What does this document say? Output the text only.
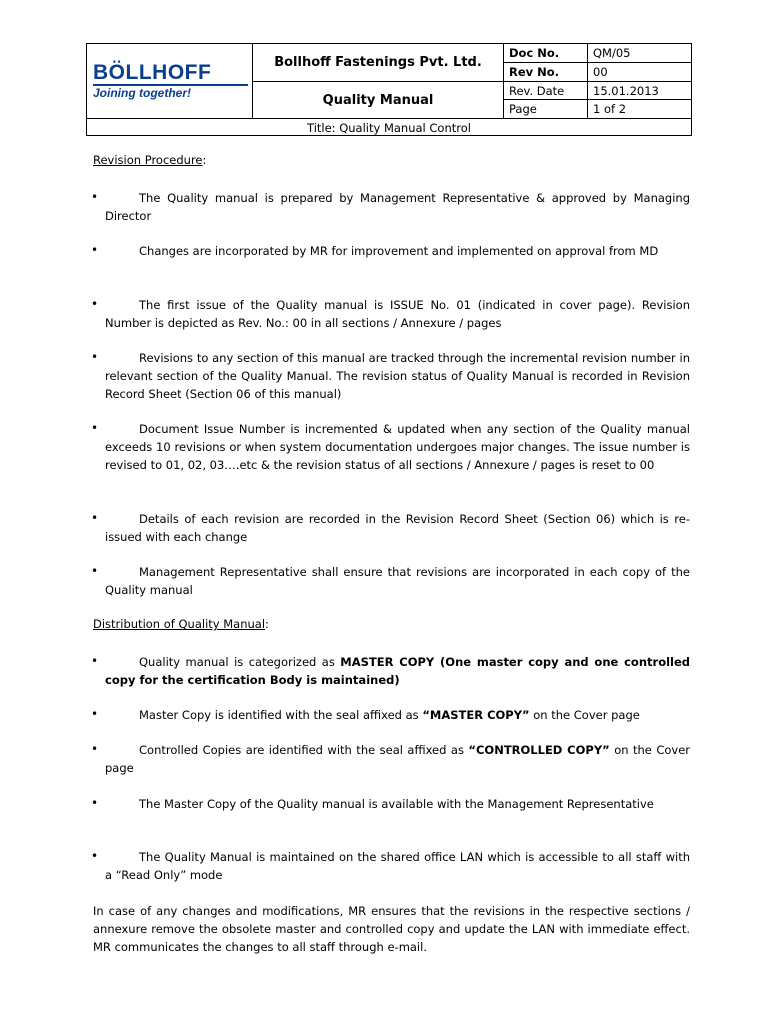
BÖLLHOFF
Joining together!
Bollhoff Fastenings Pvt. Ltd.
Quality Manual
Doc No.	QM/05
Rev No.	00
Rev. Date	15.01.2013
Page	1 of 2
Title: Quality Manual Control
Revision Procedure:
•	The Quality manual is prepared by Management Representative & approved by Managing Director
•	Changes are incorporated by MR for improvement and implemented on approval from MD
•	The first issue of the Quality manual is ISSUE No. 01 (indicated in cover page). Revision Number is depicted as Rev. No.: 00 in all sections / Annexure / pages
•	Revisions to any section of this manual are tracked through the incremental revision number in relevant section of the Quality Manual. The revision status of Quality Manual is recorded in Revision Record Sheet (Section 06 of this manual)
•	Document Issue Number is incremented & updated when any section of the Quality manual exceeds 10 revisions or when system documentation undergoes major changes. The issue number is revised to 01, 02, 03….etc & the revision status of all sections / Annexure / pages is reset to 00
•	Details of each revision are recorded in the Revision Record Sheet (Section 06) which is re-issued with each change
•	Management Representative shall ensure that revisions are incorporated in each copy of the Quality manual
Distribution of Quality Manual:
•	Quality manual is categorized as MASTER COPY (One master copy and one controlled copy for the certification Body is maintained)
•	Master Copy is identified with the seal affixed as “MASTER COPY” on the Cover page
•	Controlled Copies are identified with the seal affixed as “CONTROLLED COPY” on the Cover page
•	The Master Copy of the Quality manual is available with the Management Representative
•	The Quality Manual is maintained on the shared office LAN which is accessible to all staff with a “Read Only” mode
In case of any changes and modifications, MR ensures that the revisions in the respective sections / annexure remove the obsolete master and controlled copy and update the LAN with immediate effect. MR communicates the changes to all staff through e-mail.
